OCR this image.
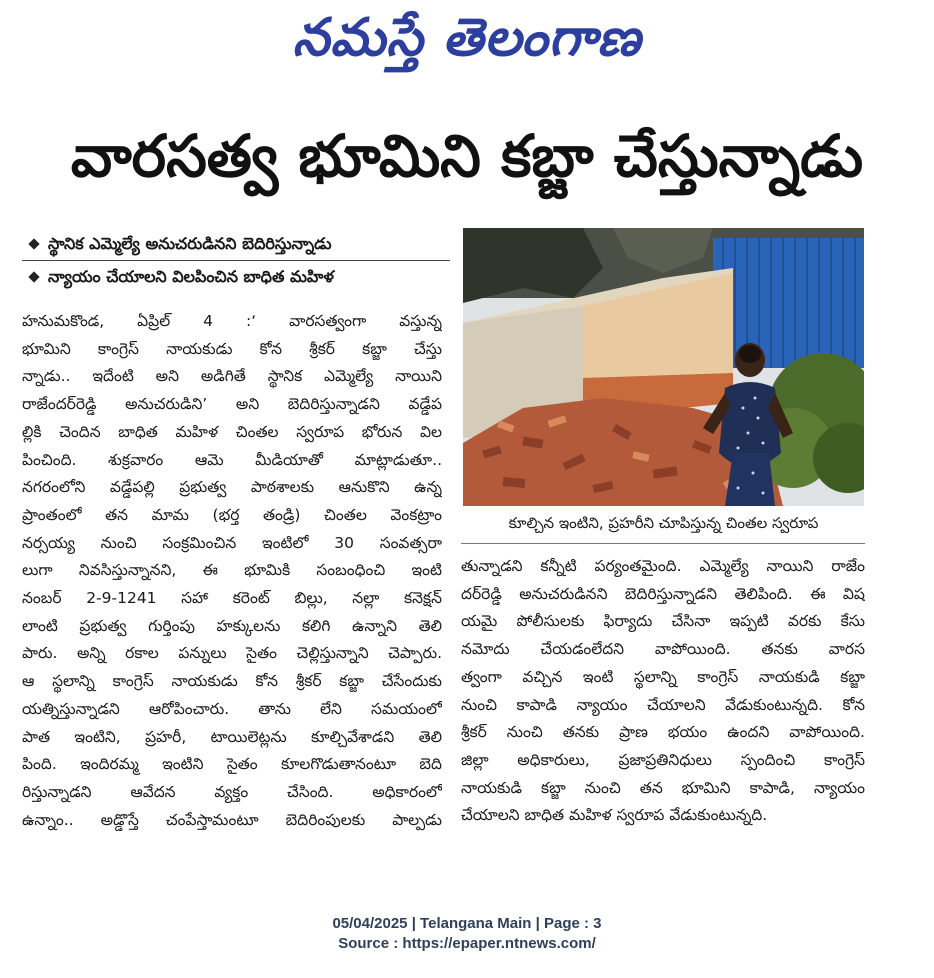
నమస్తే తెలంగాణ
వారసత్వ భూమిని కబ్జా చేస్తున్నాడు
స్థానిక ఎమ్మెల్యే అనుచరుడినని బెదిరిస్తున్నాడు
న్యాయం చేయాలని విలపించిన బాధిత మహిళ

హనుమకొండ, ఏప్రిల్ 4 :‘ వారసత్వంగా వస్తున్న
భూమిని కాంగ్రెస్ నాయకుడు కోన శ్రీకర్ కబ్జా చేస్తు
న్నాడు.. ఇదేంటి అని అడిగితే స్థానిక ఎమ్మెల్యే నాయిని
రాజేందర్‌రెడ్డి అనుచరుడిని’ అని బెదిరిస్తున్నాడని వడ్డేప
ల్లికి చెందిన బాధిత మహిళ చింతల స్వరూప భోరున విల
పించింది. శుక్రవారం ఆమె మీడియాతో మాట్లాడుతూ..
నగరంలోని వడ్డేపల్లి ప్రభుత్వ పాఠశాలకు ఆనుకొని ఉన్న
ప్రాంతంలో తన మామ (భర్త తండ్రి) చింతల వెంకట్రాం
నర్సయ్య నుంచి సంక్రమించిన ఇంటిలో 30 సంవత్సరా
లుగా నివసిస్తున్నానని, ఈ భూమికి సంబంధించి ఇంటి
నంబర్ 2-9-1241 సహా కరెంట్ బిల్లు, నల్లా కనెక్షన్
లాంటి ప్రభుత్వ గుర్తింపు హక్కులను కలిగి ఉన్నాని తెలి
పారు. అన్ని రకాల పన్నులు సైతం చెల్లిస్తున్నాని చెప్పారు.
ఆ స్థలాన్ని కాంగ్రెస్ నాయకుడు కోన శ్రీకర్ కబ్జా చేసేందుకు
యత్నిస్తున్నాడని ఆరోపించారు. తాను లేని సమయంలో
పాత ఇంటిని, ప్రహరీ, టాయిలెట్లను కూల్చివేశాడని తెలి
పింది. ఇందిరమ్మ ఇంటిని సైతం కూలగొడుతానంటూ బెది
రిస్తున్నాడని ఆవేదన వ్యక్తం చేసింది. అధికారంలో
ఉన్నాం.. అడ్డొస్తే చంపేస్తామంటూ బెదిరింపులకు పాల్పడు

కూల్చిన ఇంటిని, ప్రహరీని చూపిస్తున్న చింతల స్వరూప

తున్నాడని కన్నీటి పర్యంతమైంది. ఎమ్మెల్యే నాయిని రాజేం
దర్‌రెడ్డి అనుచరుడినని బెదిరిస్తున్నాడని తెలిపింది. ఈ విష
యమై పోలీసులకు ఫిర్యాదు చేసినా ఇప్పటి వరకు కేసు
నమోదు చేయడంలేదని వాపోయింది. తనకు వారస
త్వంగా వచ్చిన ఇంటి స్థలాన్ని కాంగ్రెస్ నాయకుడి కబ్జా
నుంచి కాపాడి న్యాయం చేయాలని వేడుకుంటున్నది. కోన
శ్రీకర్ నుంచి తనకు ప్రాణ భయం ఉందని వాపోయింది.
జిల్లా అధికారులు, ప్రజాప్రతినిధులు స్పందించి కాంగ్రెస్
నాయకుడి కబ్జా నుంచి తన భూమిని కాపాడి, న్యాయం
చేయాలని బాధిత మహిళ స్వరూప వేడుకుంటున్నది.

05/04/2025 | Telangana Main | Page : 3
Source : https://epaper.ntnews.com/
